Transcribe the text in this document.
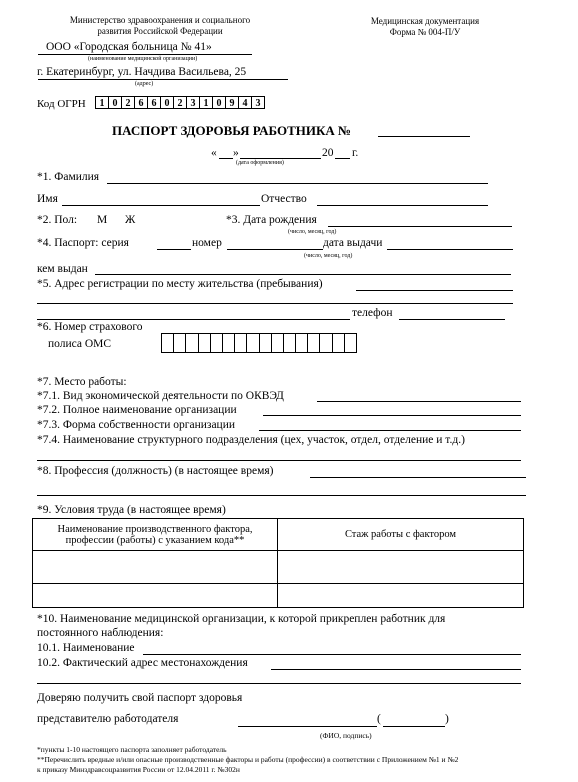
Министерство здравоохранения и социального
развития Российской Федерации
ООО «Городская больница № 41»
(наименование медицинской организации)
г. Екатеринбург, ул. Начдива Васильева, 25
(адрес)
Медицинская документация
Форма № 004-П/У
Код ОГРН	1 0 2 6 6 0 2 3 1 0 9 4 3
ПАСПОРТ ЗДОРОВЬЯ РАБОТНИКА №
« »	20 г.
(дата оформления)
*1. Фамилия
Имя	Отчество
*2. Пол: М Ж	*3. Дата рождения
(число, месяц, год)
*4. Паспорт: серия	номер	дата выдачи
(число, месяц, год)
кем выдан
*5. Адрес регистрации по месту жительства (пребывания)
телефон
*6. Номер страхового
полиса ОМС
*7. Место работы:
*7.1. Вид экономической деятельности по ОКВЭД
*7.2. Полное наименование организации
*7.3. Форма собственности организации
*7.4. Наименование структурного подразделения (цех, участок, отдел, отделение и т.д.)
*8. Профессия (должность) (в настоящее время)
*9. Условия труда (в настоящее время)
Наименование производственного фактора,
профессии (работы) с указанием кода**	Стаж работы с фактором

*10. Наименование медицинской организации, к которой прикреплен работник для
постоянного наблюдения:
10.1. Наименование
10.2. Фактический адрес местонахождения
Доверяю получить свой паспорт здоровья
представителю работодателя	(	)
(ФИО, подпись)
*пункты 1-10 настоящего паспорта заполняет работодатель
**Перечислить вредные и/или опасные производственные факторы и работы (профессии) в соответствии с Приложением №1 и №2
к приказу Минздравсоцразвития России от 12.04.2011 г. №302н
